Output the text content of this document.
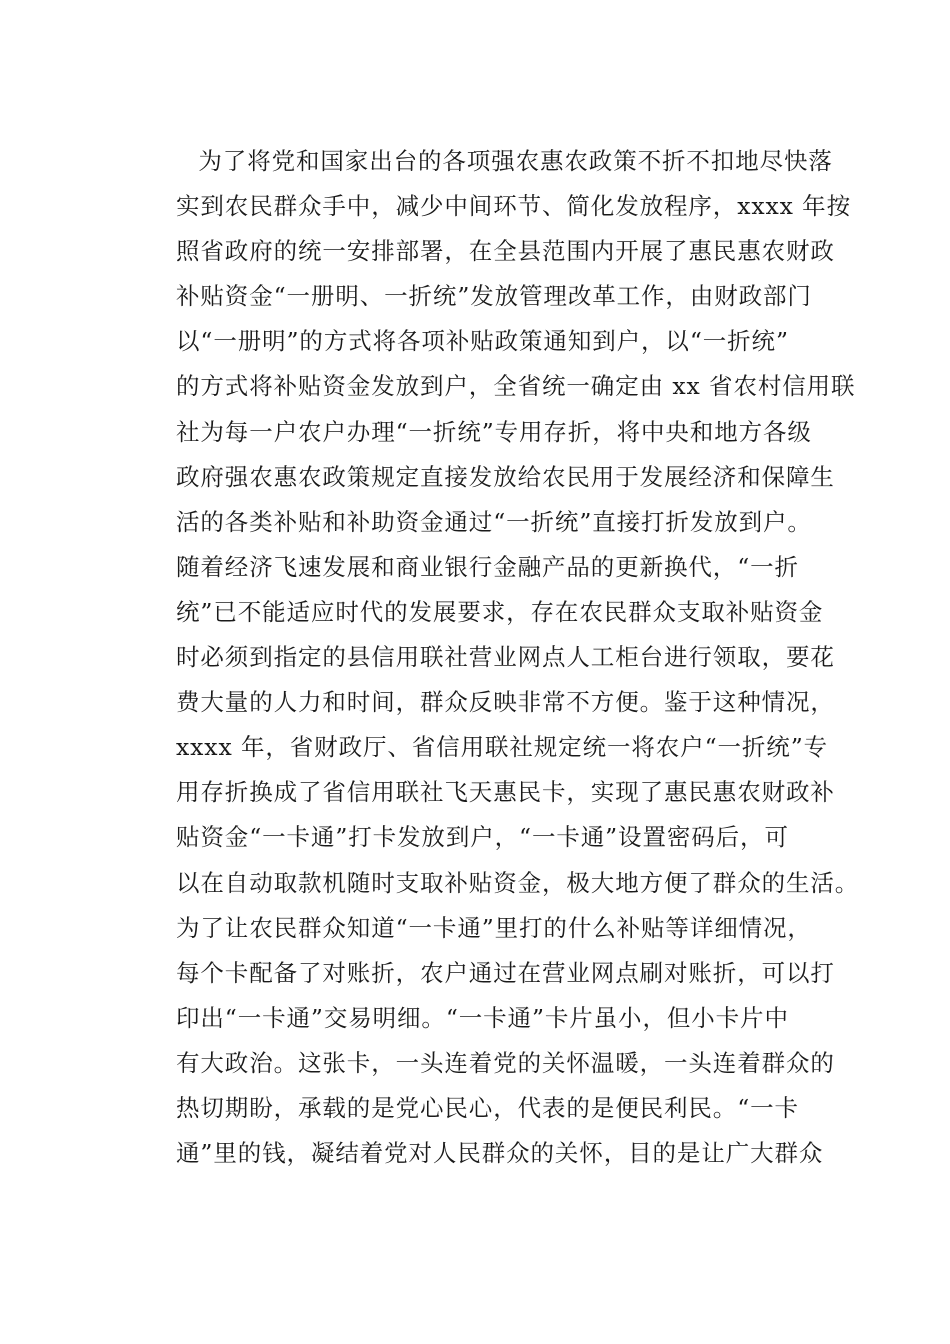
　为了将党和国家出台的各项强农惠农政策不折不扣地尽快落
实到农民群众手中，减少中间环节、简化发放程序，xxxx 年按
照省政府的统一安排部署，在全县范围内开展了惠民惠农财政
补贴资金“一册明、一折统”发放管理改革工作，由财政部门
以“一册明”的方式将各项补贴政策通知到户，以“一折统”
的方式将补贴资金发放到户，全省统一确定由 xx 省农村信用联
社为每一户农户办理“一折统”专用存折，将中央和地方各级
政府强农惠农政策规定直接发放给农民用于发展经济和保障生
活的各类补贴和补助资金通过“一折统”直接打折发放到户。
随着经济飞速发展和商业银行金融产品的更新换代，“一折
统”已不能适应时代的发展要求，存在农民群众支取补贴资金
时必须到指定的县信用联社营业网点人工柜台进行领取，要花
费大量的人力和时间，群众反映非常不方便。鉴于这种情况，
xxxx 年，省财政厅、省信用联社规定统一将农户“一折统”专
用存折换成了省信用联社飞天惠民卡，实现了惠民惠农财政补
贴资金“一卡通”打卡发放到户，“一卡通”设置密码后，可
以在自动取款机随时支取补贴资金，极大地方便了群众的生活。
为了让农民群众知道“一卡通”里打的什么补贴等详细情况，
每个卡配备了对账折，农户通过在营业网点刷对账折，可以打
印出“一卡通”交易明细。“一卡通”卡片虽小，但小卡片中
有大政治。这张卡，一头连着党的关怀温暖，一头连着群众的
热切期盼，承载的是党心民心，代表的是便民利民。“一卡
通”里的钱，凝结着党对人民群众的关怀，目的是让广大群众
